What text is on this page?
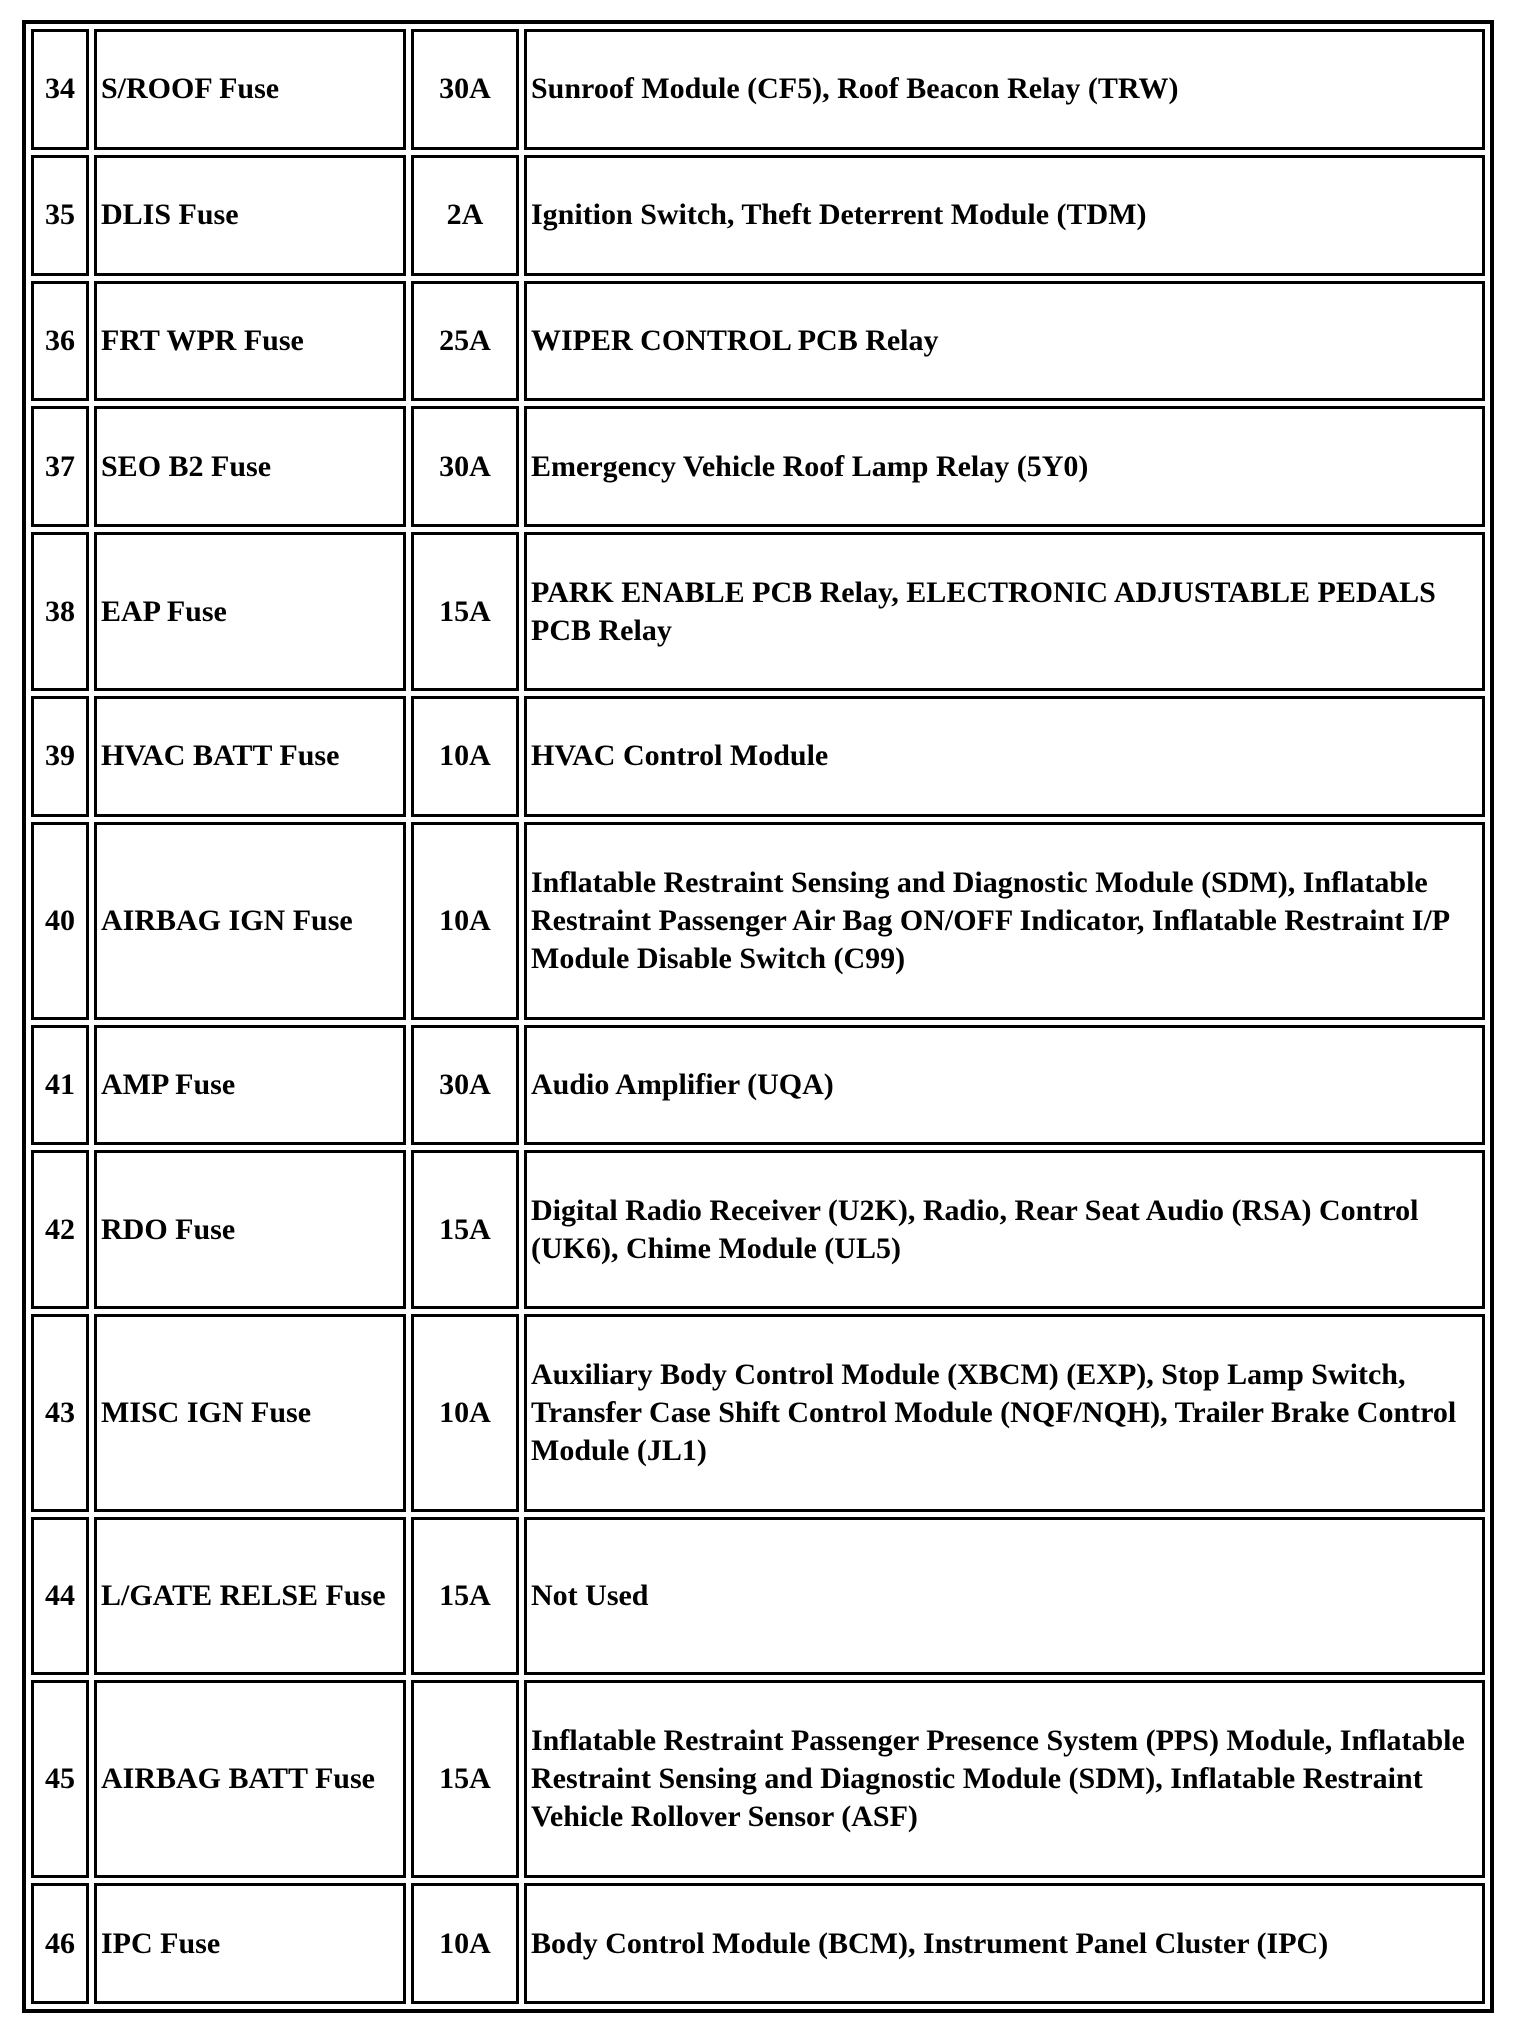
34	S/ROOF Fuse	30A	Sunroof Module (CF5), Roof Beacon Relay (TRW)
35	DLIS Fuse	2A	Ignition Switch, Theft Deterrent Module (TDM)
36	FRT WPR Fuse	25A	WIPER CONTROL PCB Relay
37	SEO B2 Fuse	30A	Emergency Vehicle Roof Lamp Relay (5Y0)
38	EAP Fuse	15A	PARK ENABLE PCB Relay, ELECTRONIC ADJUSTABLE PEDALS PCB Relay
39	HVAC BATT Fuse	10A	HVAC Control Module
40	AIRBAG IGN Fuse	10A	Inflatable Restraint Sensing and Diagnostic Module (SDM), Inflatable Restraint Passenger Air Bag ON/OFF Indicator, Inflatable Restraint I/P Module Disable Switch (C99)
41	AMP Fuse	30A	Audio Amplifier (UQA)
42	RDO Fuse	15A	Digital Radio Receiver (U2K), Radio, Rear Seat Audio (RSA) Control (UK6), Chime Module (UL5)
43	MISC IGN Fuse	10A	Auxiliary Body Control Module (XBCM) (EXP), Stop Lamp Switch, Transfer Case Shift Control Module (NQF/NQH), Trailer Brake Control Module (JL1)
44	L/GATE RELSE Fuse	15A	Not Used
45	AIRBAG BATT Fuse	15A	Inflatable Restraint Passenger Presence System (PPS) Module, Inflatable Restraint Sensing and Diagnostic Module (SDM), Inflatable Restraint Vehicle Rollover Sensor (ASF)
46	IPC Fuse	10A	Body Control Module (BCM), Instrument Panel Cluster (IPC)
